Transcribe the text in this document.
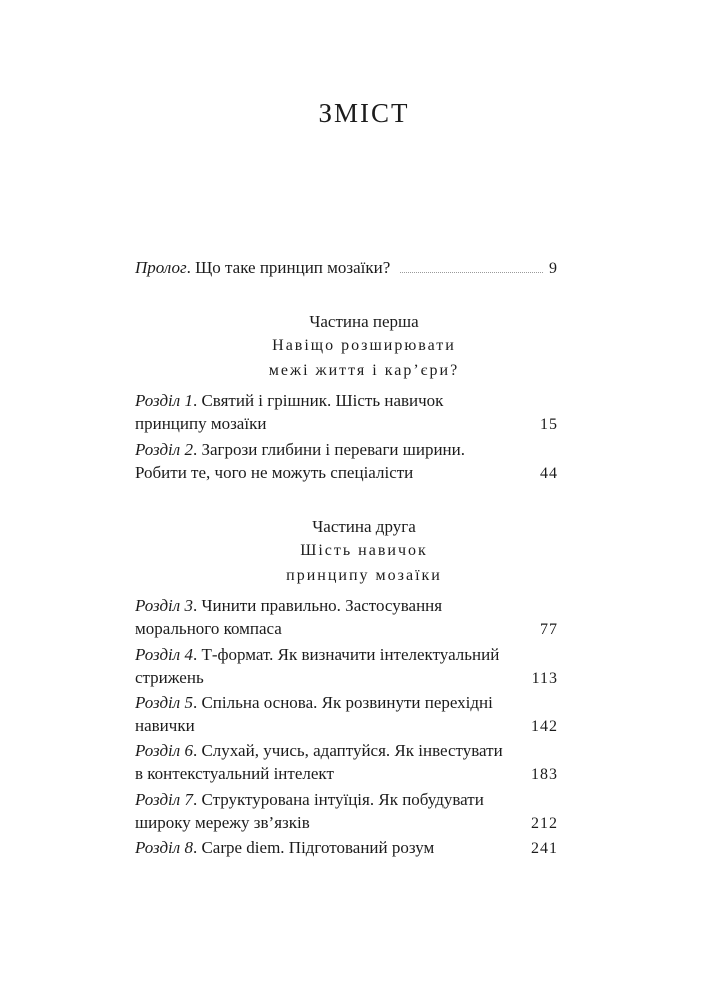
ЗМІСТ
Пролог. Що таке принцип мозаїки?	9
Розділ 1. Святий і грішник. Шість навичок
принципу мозаїки	15
Розділ 2. Загрози глибини і переваги ширини.
Робити те, чого не можуть спеціалісти	44
Розділ 3. Чинити правильно. Застосування
морального компаса	77
Розділ 4. Т-формат. Як визначити інтелектуальний
стрижень	113
Розділ 5. Спільна основа. Як розвинути перехідні
навички	142
Розділ 6. Слухай, учись, адаптуйся. Як інвестувати
в контекстуальний інтелект	183
Розділ 7. Структурована інтуїція. Як побудувати
широку мережу зв’язків	212
Розділ 8. Carpe diem. Підготований розум	241
Частина перша
Навіщо розширювати
межі життя і кар’єри?
Частина друга
Шість навичок
принципу мозаїки
